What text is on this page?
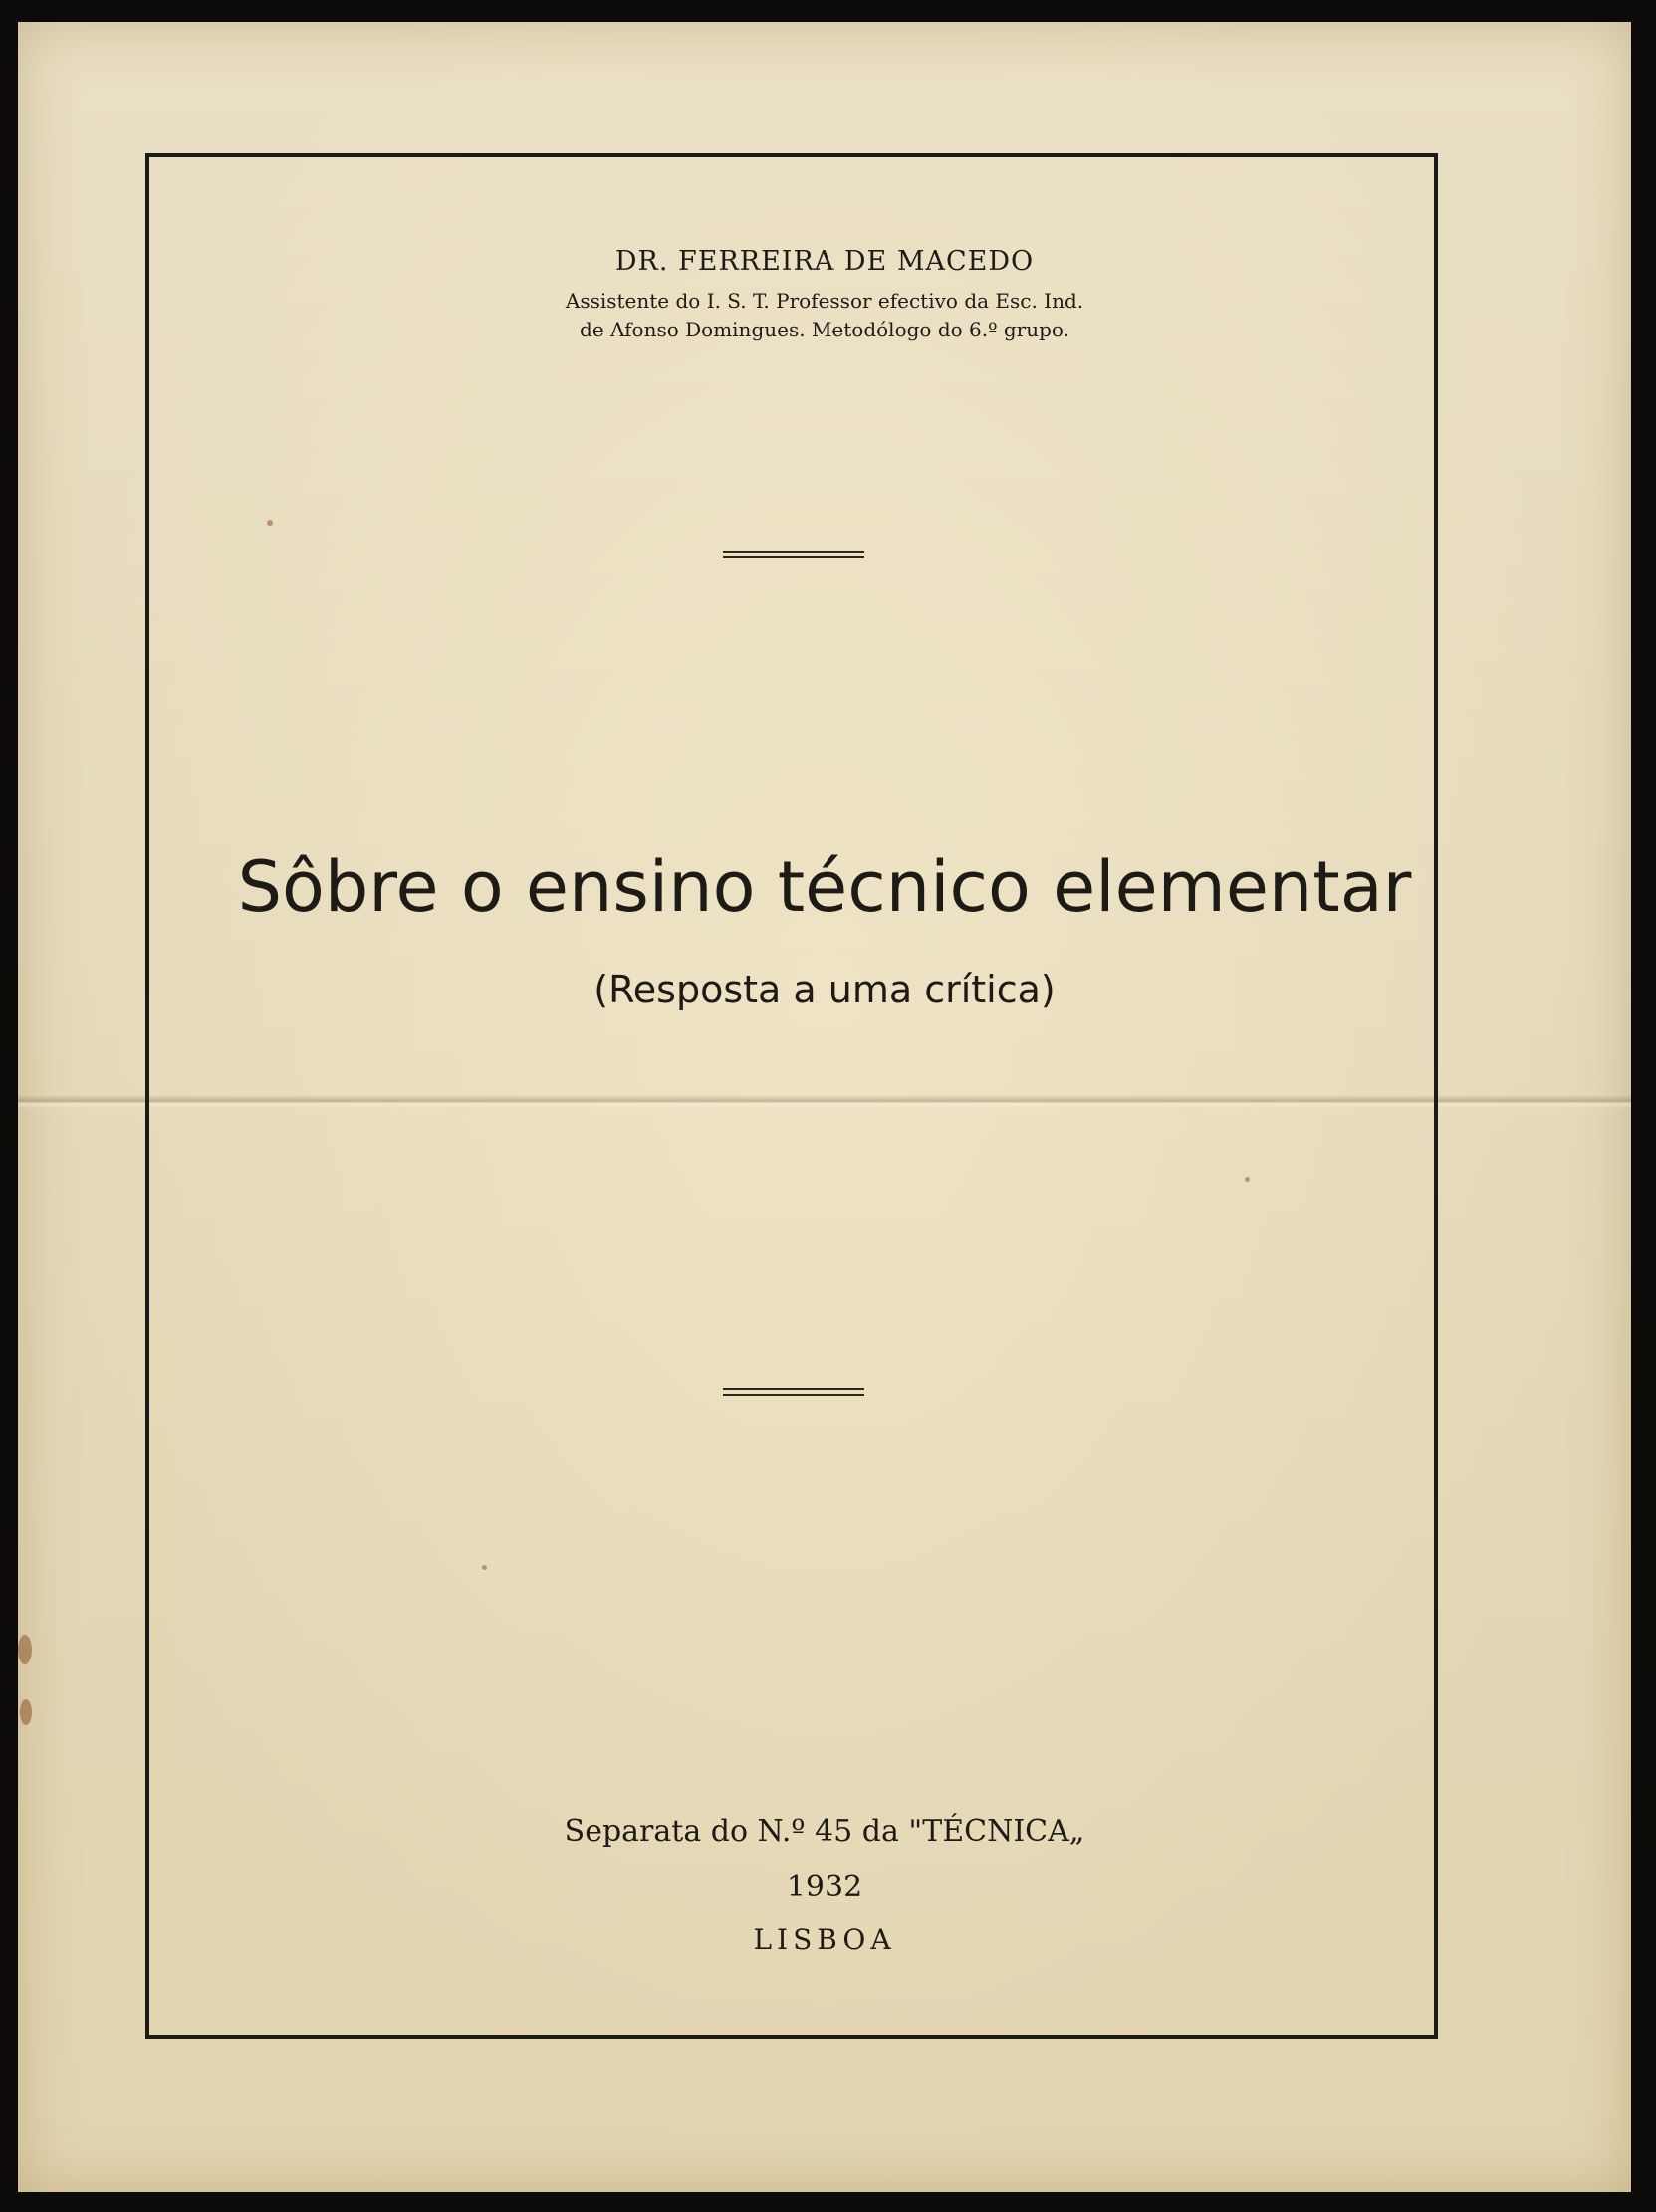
DR. FERREIRA DE MACEDO
Assistente do I. S. T. Professor efectivo da Esc. Ind.
de Afonso Domingues. Metodólogo do 6.º grupo.
Sôbre o ensino técnico elementar
(Resposta a uma crítica)
Separata do N.º 45 da "TÉCNICA„
1932
LISBOA
